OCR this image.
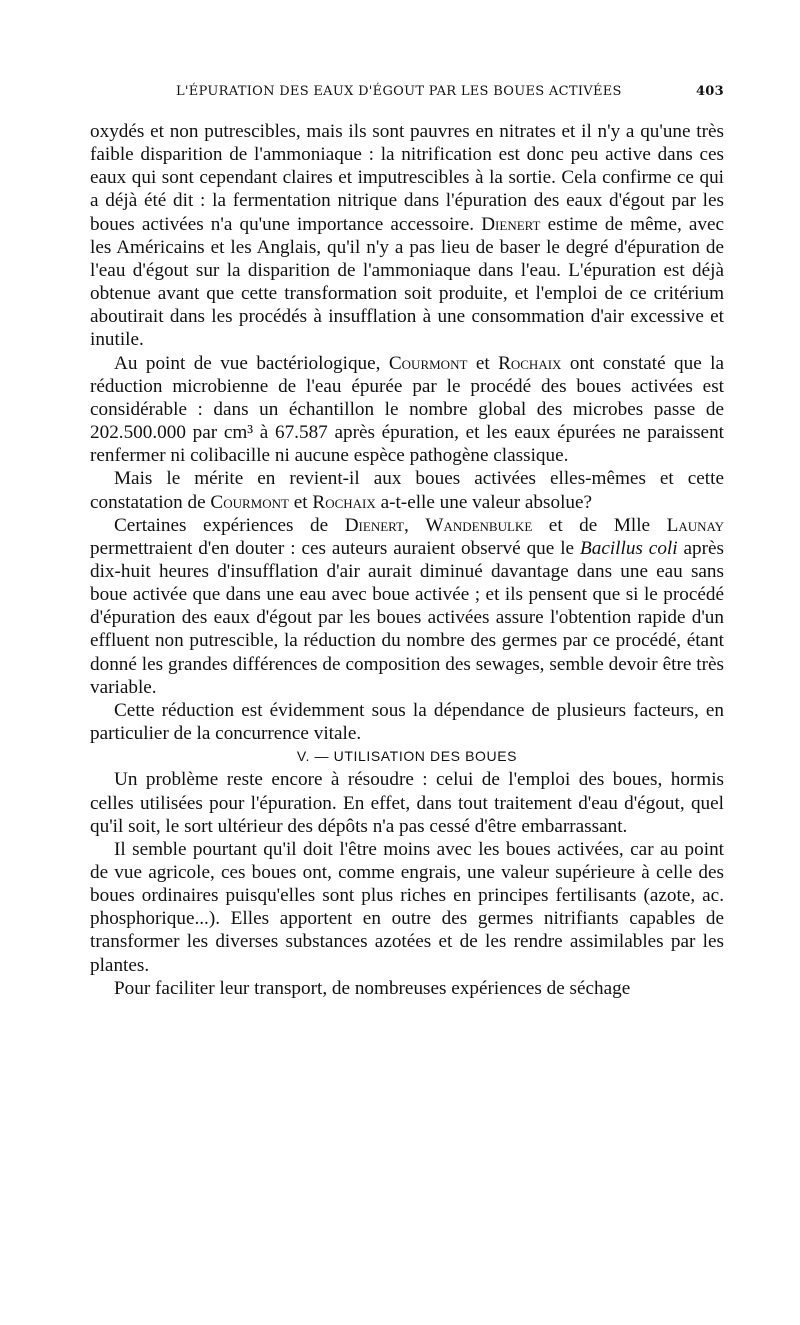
L'ÉPURATION DES EAUX D'ÉGOUT PAR LES BOUES ACTIVÉES	403

oxydés et non putrescibles, mais ils sont pauvres en nitrates et il n'y a qu'une très faible disparition de l'ammoniaque : la nitrification est donc peu active dans ces eaux qui sont cependant claires et imputrescibles à la sortie. Cela confirme ce qui a déjà été dit : la fermentation nitrique dans l'épuration des eaux d'égout par les boues activées n'a qu'une importance accessoire. Dienert estime de même, avec les Américains et les Anglais, qu'il n'y a pas lieu de baser le degré d'épuration de l'eau d'égout sur la disparition de l'ammoniaque dans l'eau. L'épuration est déjà obtenue avant que cette transformation soit produite, et l'emploi de ce critérium aboutirait dans les procédés à insufflation à une consommation d'air excessive et inutile.

Au point de vue bactériologique, Courmont et Rochaix ont constaté que la réduction microbienne de l'eau épurée par le procédé des boues activées est considérable : dans un échantillon le nombre global des microbes passe de 202.500.000 par cm³ à 67.587 après épuration, et les eaux épurées ne paraissent renfermer ni colibacille ni aucune espèce pathogène classique.

Mais le mérite en revient-il aux boues activées elles-mêmes et cette constatation de Courmont et Rochaix a-t-elle une valeur absolue?

Certaines expériences de Dienert, Wandenbulke et de Mlle Launay permettraient d'en douter : ces auteurs auraient observé que le Bacillus coli après dix-huit heures d'insufflation d'air aurait diminué davantage dans une eau sans boue activée que dans une eau avec boue activée ; et ils pensent que si le procédé d'épuration des eaux d'égout par les boues activées assure l'obtention rapide d'un effluent non putrescible, la réduction du nombre des germes par ce procédé, étant donné les grandes différences de composition des sewages, semble devoir être très variable.

Cette réduction est évidemment sous la dépendance de plusieurs facteurs, en particulier de la concurrence vitale.

V. — UTILISATION DES BOUES

Un problème reste encore à résoudre : celui de l'emploi des boues, hormis celles utilisées pour l'épuration. En effet, dans tout traitement d'eau d'égout, quel qu'il soit, le sort ultérieur des dépôts n'a pas cessé d'être embarrassant.

Il semble pourtant qu'il doit l'être moins avec les boues activées, car au point de vue agricole, ces boues ont, comme engrais, une valeur supérieure à celle des boues ordinaires puisqu'elles sont plus riches en principes fertilisants (azote, ac. phosphorique...). Elles apportent en outre des germes nitrifiants capables de transformer les diverses substances azotées et de les rendre assimilables par les plantes.

Pour faciliter leur transport, de nombreuses expériences de séchage
